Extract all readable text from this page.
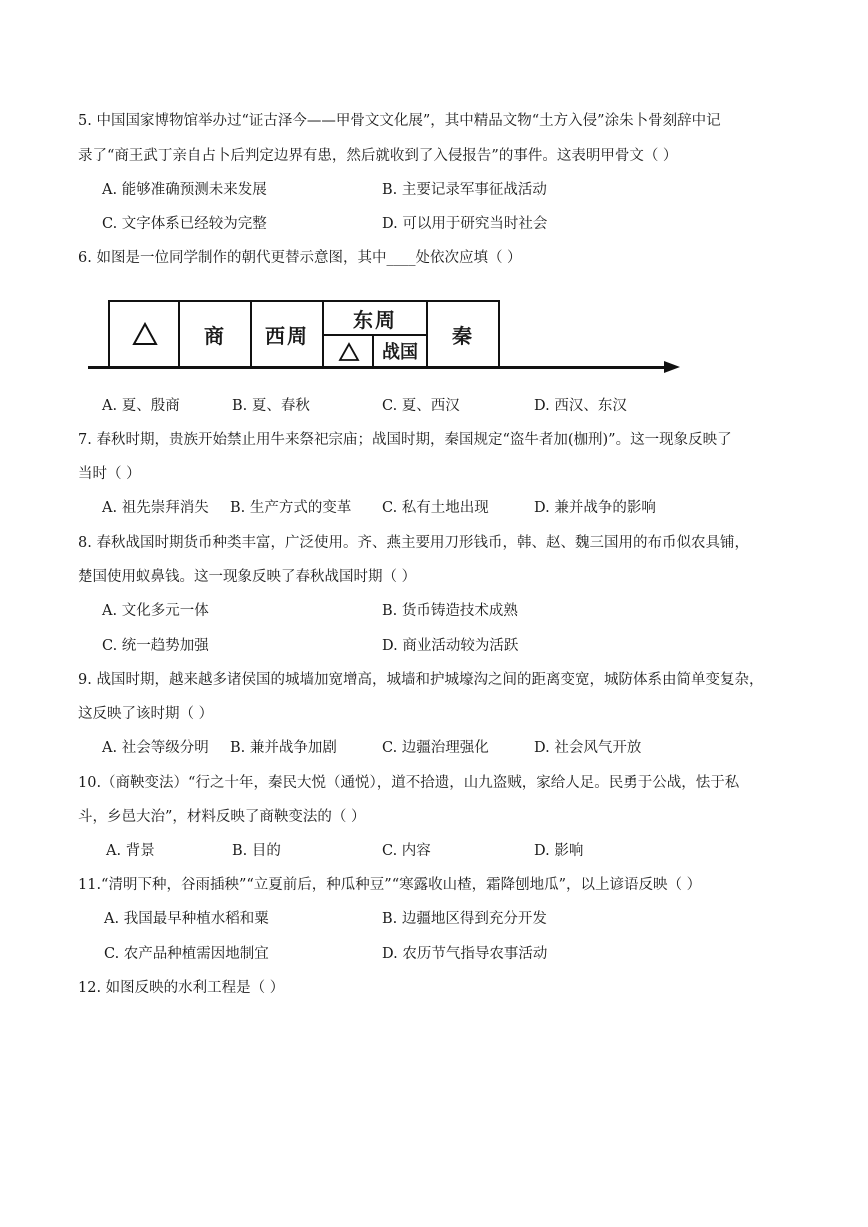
5. 中国国家博物馆举办过“证古泽今——甲骨文文化展”，其中精品文物“土方入侵”涂朱卜骨刻辞中记
录了“商王武丁亲自占卜后判定边界有患，然后就收到了入侵报告”的事件。这表明甲骨文（ ）
A. 能够准确预测未来发展	B. 主要记录军事征战活动
C. 文字体系已经较为完整	D. 可以用于研究当时社会
6. 如图是一位同学制作的朝代更替示意图，其中____处依次应填（ ）
商	西周
东周
战国
秦
A. 夏、殷商	B. 夏、春秋	C. 夏、西汉	D. 西汉、东汉
7. 春秋时期，贵族开始禁止用牛来祭祀宗庙；战国时期，秦国规定“盗牛者加(枷刑)”。这一现象反映了
当时（ ）
A. 祖先崇拜消失 B. 生产方式的变革 C. 私有土地出现	D. 兼并战争的影响
8. 春秋战国时期货币种类丰富，广泛使用。齐、燕主要用刀形钱币，韩、赵、魏三国用的布币似农具铺，
楚国使用蚁鼻钱。这一现象反映了春秋战国时期（ ）
A. 文化多元一体	B. 货币铸造技术成熟
C. 统一趋势加强	D. 商业活动较为活跃
9. 战国时期，越来越多诸侯国的城墙加宽增高，城墙和护城壕沟之间的距离变宽，城防体系由简单变复杂，
这反映了该时期（ ）
A. 社会等级分明 B. 兼并战争加剧	C. 边疆治理强化	D. 社会风气开放
10.（商鞅变法）“行之十年，秦民大悦（通悦），道不拾遗，山九盗贼，家给人足。民勇于公战，怯于私
斗，乡邑大治”，材料反映了商鞅变法的（ ）
A. 背景	B. 目的	C. 内容	D. 影响
11.“清明下种，谷雨插秧”“立夏前后，种瓜种豆”“寒露收山楂，霜降刨地瓜”，以上谚语反映（ ）
A. 我国最早种植水稻和粟	B. 边疆地区得到充分开发
C. 农产品种植需因地制宜	D. 农历节气指导农事活动
12. 如图反映的水利工程是（ ）
